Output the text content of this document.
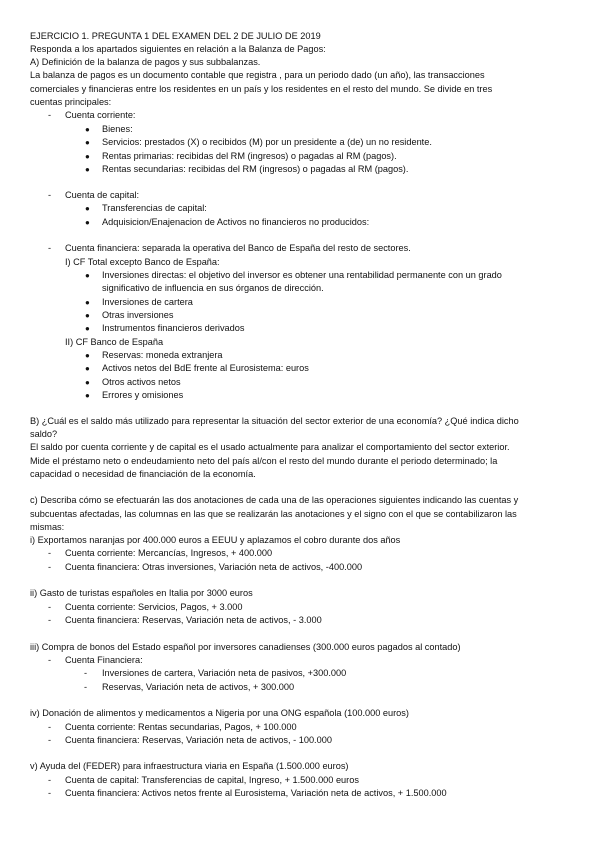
EJERCICIO 1. PREGUNTA 1 DEL EXAMEN DEL 2 DE JULIO DE 2019
Responda a los apartados siguientes en relación a la Balanza de Pagos:
A) Definición de la balanza de pagos y sus subbalanzas.
La balanza de pagos es un documento contable que registra , para un periodo dado (un año), las transacciones
comerciales y financieras entre los residentes en un país y los residentes en el resto del mundo. Se divide en tres
cuentas principales:
- Cuenta corriente:
● Bienes:
● Servicios: prestados (X) o recibidos (M) por un presidente a (de) un no residente.
● Rentas primarias: recibidas del RM (ingresos) o pagadas al RM (pagos).
● Rentas secundarias: recibidas del RM (ingresos) o pagadas al RM (pagos).
- Cuenta de capital:
● Transferencias de capital:
● Adquisicion/Enajenacion de Activos no financieros no producidos:
- Cuenta financiera: separada la operativa del Banco de España del resto de sectores.
I) CF Total excepto Banco de España:
● Inversiones directas: el objetivo del inversor es obtener una rentabilidad permanente con un grado
significativo de influencia en sus órganos de dirección.
● Inversiones de cartera
● Otras inversiones
● Instrumentos financieros derivados
II) CF Banco de España
● Reservas: moneda extranjera
● Activos netos del BdE frente al Eurosistema: euros
● Otros activos netos
● Errores y omisiones
B) ¿Cuál es el saldo más utilizado para representar la situación del sector exterior de una economía? ¿Qué indica dicho
saldo?
El saldo por cuenta corriente y de capital es el usado actualmente para analizar el comportamiento del sector exterior.
Mide el préstamo neto o endeudamiento neto del país al/con el resto del mundo durante el periodo determinado; la
capacidad o necesidad de financiación de la economía.
c) Describa cómo se efectuarán las dos anotaciones de cada una de las operaciones siguientes indicando las cuentas y
subcuentas afectadas, las columnas en las que se realizarán las anotaciones y el signo con el que se contabilizaron las
mismas:
i) Exportamos naranjas por 400.000 euros a EEUU y aplazamos el cobro durante dos años
- Cuenta corriente: Mercancías, Ingresos, + 400.000
- Cuenta financiera: Otras inversiones, Variación neta de activos, -400.000
ii) Gasto de turistas españoles en Italia por 3000 euros
- Cuenta corriente: Servicios, Pagos, + 3.000
- Cuenta financiera: Reservas, Variación neta de activos, - 3.000
iii) Compra de bonos del Estado español por inversores canadienses (300.000 euros pagados al contado)
- Cuenta Financiera:
- Inversiones de cartera, Variación neta de pasivos, +300.000
- Reservas, Variación neta de activos, + 300.000
iv) Donación de alimentos y medicamentos a Nigeria por una ONG española (100.000 euros)
- Cuenta corriente: Rentas secundarias, Pagos, + 100.000
- Cuenta financiera: Reservas, Variación neta de activos, - 100.000
v) Ayuda del (FEDER) para infraestructura viaria en España (1.500.000 euros)
- Cuenta de capital: Transferencias de capital, Ingreso, + 1.500.000 euros
- Cuenta financiera: Activos netos frente al Eurosistema, Variación neta de activos, + 1.500.000
